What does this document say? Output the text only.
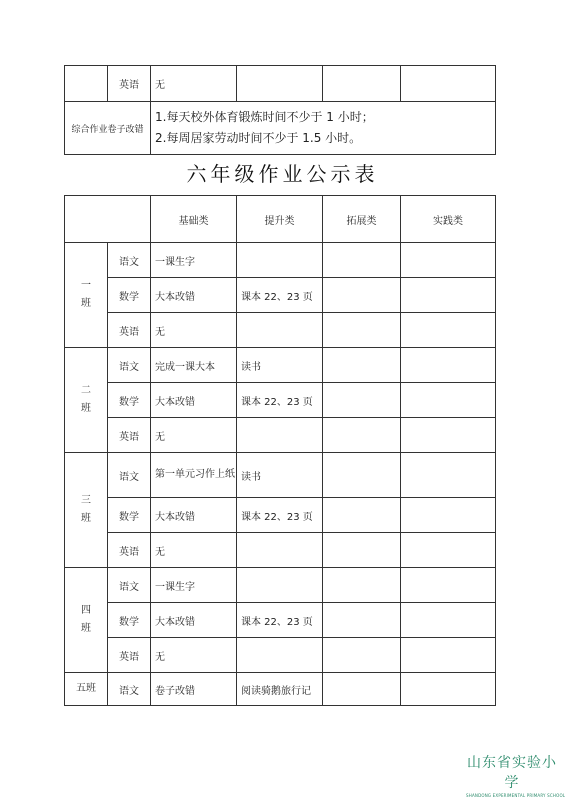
	英语	无			
综合作业卷子改错		1.每天校外体育锻炼时间不少于 1 小时；
2.每周居家劳动时间不少于 1.5 小时。			
六年级作业公示表
		基础类	提升类	拓展类	实践类
一
班	语文	一课生字			
	数学	大本改错	课本 22、23 页		
	英语	无			
二
班	语文	完成一课大本	读书		
	数学	大本改错	课本 22、23 页		
	英语	无			
三
班	语文	第一单元习作上纸	读书		
	数学	大本改错	课本 22、23 页		
	英语	无			
四
班	语文	一课生字			
	数学	大本改错	课本 22、23 页		
	英语	无			
五班	语文	卷子改错	阅读骑鹅旅行记		
山东省实验小学
SHANDONG EXPERIMENTAL PRIMARY SCHOOL
